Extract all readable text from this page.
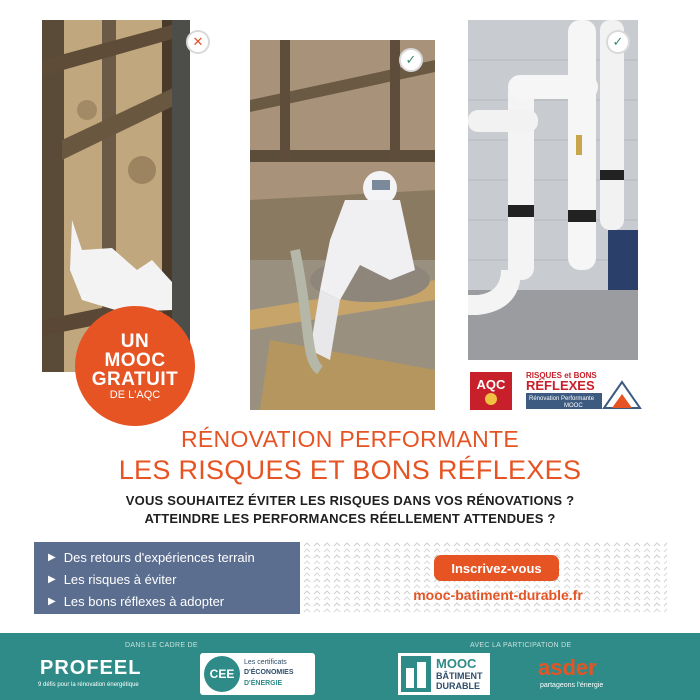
✕
✓
✓
UN
MOOC
GRATUIT
DE L'AQC
AQC
RISQUES et BONS
RÉFLEXES
Rénovation Performante
MOOC
RÉNOVATION PERFORMANTE
LES RISQUES ET BONS RÉFLEXES
VOUS SOUHAITEZ ÉVITER LES RISQUES DANS VOS RÉNOVATIONS ?
ATTEINDRE LES PERFORMANCES RÉELLEMENT ATTENDUES ?
▶ Des retours d'expériences terrain
▶ Les risques à éviter
▶ Les bons réflexes à adopter
Inscrivez-vous
mooc-batiment-durable.fr
DANS LE CADRE DE	AVEC LA PARTICIPATION DE
PROFEEL
9 défis pour la rénovation énergétique
CEE
Les certificats
D'ÉCONOMIES
D'ÉNERGIE
MOOC
BÂTIMENT
DURABLE
asder
partageons l'énergie
